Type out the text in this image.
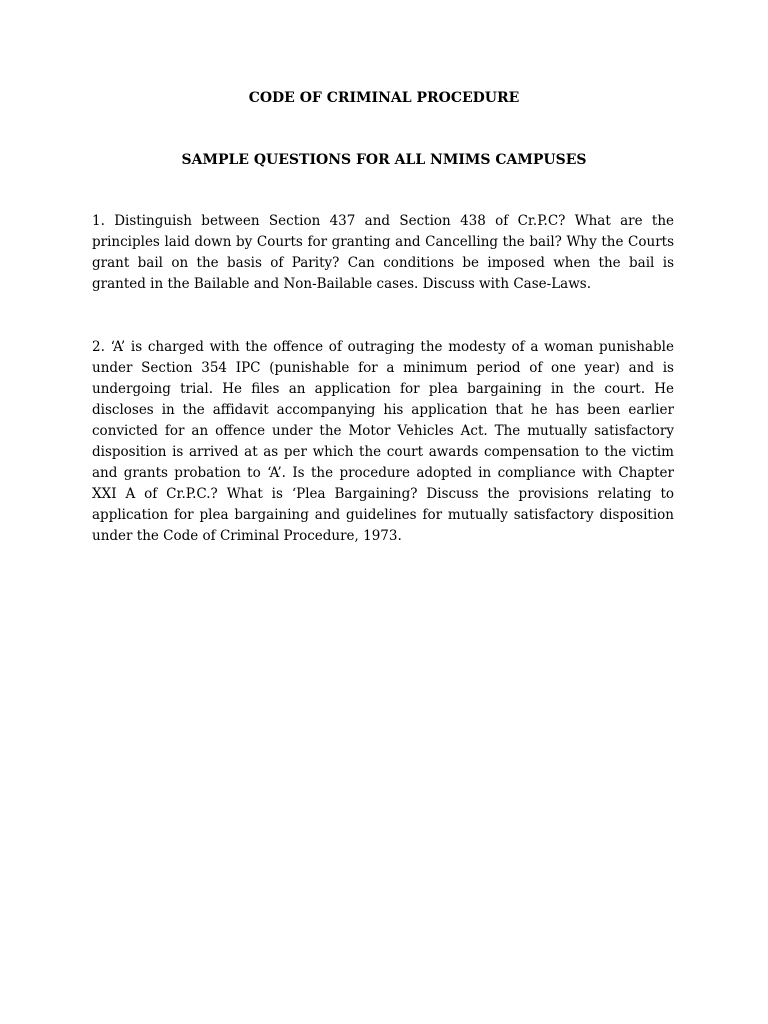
CODE OF CRIMINAL PROCEDURE
SAMPLE QUESTIONS FOR ALL NMIMS CAMPUSES

1. Distinguish between Section 437 and Section 438 of Cr.P.C? What are the principles laid down by Courts for granting and Cancelling the bail? Why the Courts grant bail on the basis of Parity? Can conditions be imposed when the bail is granted in the Bailable and Non-Bailable cases. Discuss with Case-Laws.

2. ‘A’ is charged with the offence of outraging the modesty of a woman punishable under Section 354 IPC (punishable for a minimum period of one year) and is undergoing trial. He files an application for plea bargaining in the court. He discloses in the affidavit accompanying his application that he has been earlier convicted for an offence under the Motor Vehicles Act. The mutually satisfactory disposition is arrived at as per which the court awards compensation to the victim and grants probation to ‘A’. Is the procedure adopted in compliance with Chapter XXI A of Cr.P.C.? What is ‘Plea Bargaining? Discuss the provisions relating to application for plea bargaining and guidelines for mutually satisfactory disposition under the Code of Criminal Procedure, 1973.
